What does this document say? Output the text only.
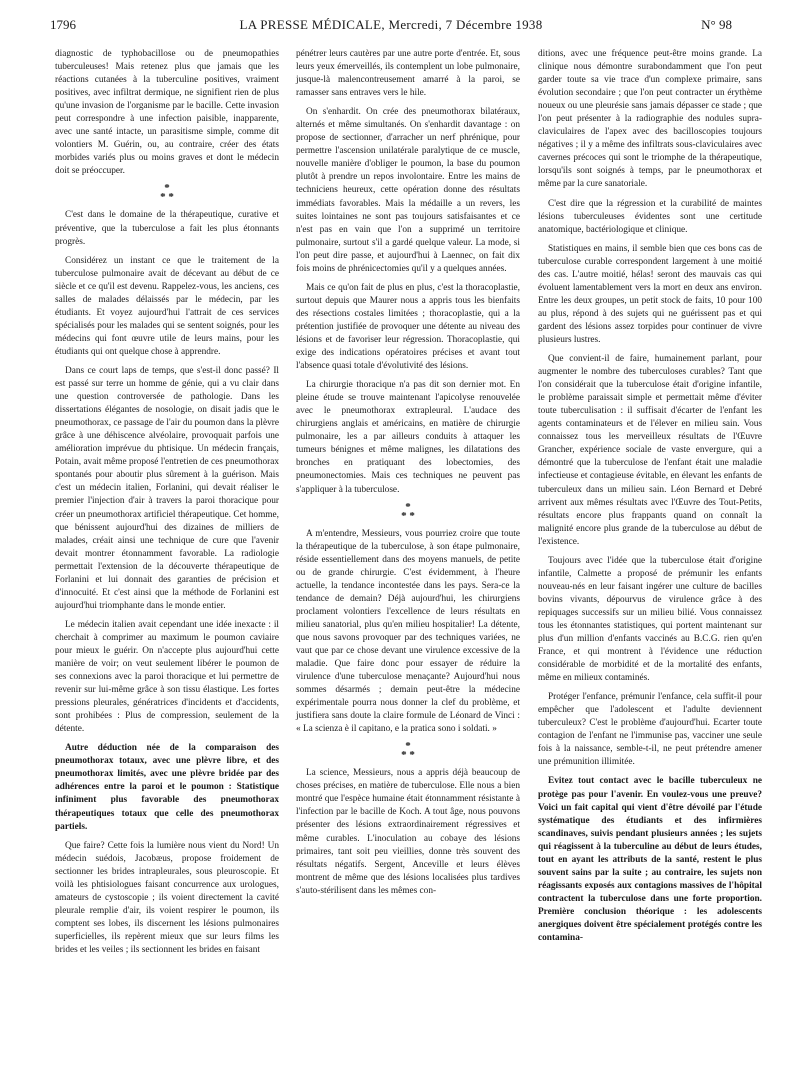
1796	LA PRESSE MÉDICALE, Mercredi, 7 Décembre 1938	N° 98

diagnostic de typhobacillose ou de pneumopathies tuberculeuses! Mais retenez plus que jamais que les réactions cutanées à la tuberculine positives, vraiment positives, avec infiltrat dermique, ne signifient rien de plus qu'une invasion de l'organisme par le bacille. Cette invasion peut correspondre à une infection paisible, inapparente, avec une santé intacte, un parasitisme simple, comme dit volontiers M. Guérin, ou, au contraire, créer des états morbides variés plus ou moins graves et dont le médecin doit se préoccuper.

*
* *

C'est dans le domaine de la thérapeutique, curative et préventive, que la tuberculose a fait les plus étonnants progrès.

Considérez un instant ce que le traitement de la tuberculose pulmonaire avait de décevant au début de ce siècle et ce qu'il est devenu. Rappelez-vous, les anciens, ces salles de malades délaissés par le médecin, par les étudiants. Et voyez aujourd'hui l'attrait de ces services spécialisés pour les malades qui se sentent soignés, pour les médecins qui font œuvre utile de leurs mains, pour les étudiants qui ont quelque chose à apprendre.

Dans ce court laps de temps, que s'est-il donc passé? Il est passé sur terre un homme de génie, qui a vu clair dans une question controversée de pathologie. Dans les dissertations élégantes de nosologie, on disait jadis que le pneumothorax, ce passage de l'air du poumon dans la plèvre grâce à une déhiscence alvéolaire, provoquait parfois une amélioration imprévue du phtisique. Un médecin français, Potain, avait même proposé l'entretien de ces pneumothorax spontanés pour aboutir plus sûrement à la guérison. Mais c'est un médecin italien, Forlanini, qui devait réaliser le premier l'injection d'air à travers la paroi thoracique pour créer un pneumothorax artificiel thérapeutique. Cet homme, que bénissent aujourd'hui des dizaines de milliers de malades, créait ainsi une technique de cure que l'avenir devait montrer étonnamment favorable. La radiologie permettait l'extension de la découverte thérapeutique de Forlanini et lui donnait des garanties de précision et d'innocuité. Et c'est ainsi que la méthode de Forlanini est aujourd'hui triomphante dans le monde entier.

Le médecin italien avait cependant une idée inexacte : il cherchait à comprimer au maximum le poumon caviaire pour mieux le guérir. On n'accepte plus aujourd'hui cette manière de voir; on veut seulement libérer le poumon de ses connexions avec la paroi thoracique et lui permettre de revenir sur lui-même grâce à son tissu élastique. Les fortes pressions pleurales, génératrices d'incidents et d'accidents, sont prohibées : Plus de compression, seulement de la détente.

Autre déduction née de la comparaison des pneumothorax totaux, avec une plèvre libre, et des pneumothorax limités, avec une plèvre bridée par des adhérences entre la paroi et le poumon : Statistique infiniment plus favorable des pneumothorax thérapeutiques totaux que celle des pneumothorax partiels.

Que faire? Cette fois la lumière nous vient du Nord! Un médecin suédois, Jacobæus, propose froidement de sectionner les brides intrapleurales, sous pleuroscopie. Et voilà les phtisiologues faisant concurrence aux urologues, amateurs de cystoscopie ; ils voient directement la cavité pleurale remplie d'air, ils voient respirer le poumon, ils comptent ses lobes, ils discernent les lésions pulmonaires superficielles, ils repèrent mieux que sur leurs films les brides et les veiles ; ils sectionnent les brides en faisant

pénétrer leurs cautères par une autre porte d'entrée. Et, sous leurs yeux émerveillés, ils contemplent un lobe pulmonaire, jusque-là malencontreusement amarré à la paroi, se ramasser sans entraves vers le hile.

On s'enhardit. On crée des pneumothorax bilatéraux, alternés et même simultanés. On s'enhardit davantage : on propose de sectionner, d'arracher un nerf phrénique, pour permettre l'ascension unilatérale paralytique de ce muscle, nouvelle manière d'obliger le poumon, la base du poumon plutôt à prendre un repos involontaire. Entre les mains de techniciens heureux, cette opération donne des résultats immédiats favorables. Mais la médaille a un revers, les suites lointaines ne sont pas toujours satisfaisantes et ce n'est pas en vain que l'on a supprimé un territoire pulmonaire, surtout s'il a gardé quelque valeur. La mode, si l'on peut dire passe, et aujourd'hui à Laennec, on fait dix fois moins de phrénicectomies qu'il y a quelques années.

Mais ce qu'on fait de plus en plus, c'est la thoracoplastie, surtout depuis que Maurer nous a appris tous les bienfaits des résections costales limitées ; thoracoplastie, qui a la prétention justifiée de provoquer une détente au niveau des lésions et de favoriser leur régression. Thoracoplastie, qui exige des indications opératoires précises et avant tout l'absence quasi totale d'évolutivité des lésions.

La chirurgie thoracique n'a pas dit son dernier mot. En pleine étude se trouve maintenant l'apicolyse renouvelée avec le pneumothorax extrapleural. L'audace des chirurgiens anglais et américains, en matière de chirurgie pulmonaire, les a par ailleurs conduits à attaquer les tumeurs bénignes et même malignes, les dilatations des bronches en pratiquant des lobectomies, des pneumonectomies. Mais ces techniques ne peuvent pas s'appliquer à la tuberculose.

*
* *

A m'entendre, Messieurs, vous pourriez croire que toute la thérapeutique de la tuberculose, à son étape pulmonaire, réside essentiellement dans des moyens manuels, de petite ou de grande chirurgie. C'est évidemment, à l'heure actuelle, la tendance incontestée dans les pays. Sera-ce la tendance de demain? Déjà aujourd'hui, les chirurgiens proclament volontiers l'excellence de leurs résultats en milieu sanatorial, plus qu'en milieu hospitalier! La détente, que nous savons provoquer par des techniques variées, ne vaut que par ce chose devant une virulence excessive de la maladie. Que faire donc pour essayer de réduire la virulence d'une tuberculose menaçante? Aujourd'hui nous sommes désarmés ; demain peut-être la médecine expérimentale pourra nous donner la clef du problème, et justifiera sans doute la claire formule de Léonard de Vinci : « La scienza è il capitano, e la pratica sono i soldati. »

*
* *

La science, Messieurs, nous a appris déjà beaucoup de choses précises, en matière de tuberculose. Elle nous a bien montré que l'espèce humaine était étonnamment résistante à l'infection par le bacille de Koch. A tout âge, nous pouvons présenter des lésions extraordinairement régressives et même curables. L'inoculation au cobaye des lésions primaires, tant soit peu vieillies, donne très souvent des résultats négatifs. Sergent, Anceville et leurs élèves montrent de même que des lésions localisées plus tardives s'auto-stérilisent dans les mêmes con-

ditions, avec une fréquence peut-être moins grande. La clinique nous démontre surabondamment que l'on peut garder toute sa vie trace d'un complexe primaire, sans évolution secondaire ; que l'on peut contracter un érythème noueux ou une pleurésie sans jamais dépasser ce stade ; que l'on peut présenter à la radiographie des nodules supra-claviculaires de l'apex avec des bacilloscopies toujours négatives ; il y a même des infiltrats sous-claviculaires avec cavernes précoces qui sont le triomphe de la thérapeutique, lorsqu'ils sont soignés à temps, par le pneumothorax et même par la cure sanatoriale.

C'est dire que la régression et la curabilité de maintes lésions tuberculeuses évidentes sont une certitude anatomique, bactériologique et clinique.

Statistiques en mains, il semble bien que ces bons cas de tuberculose curable correspondent largement à une moitié des cas. L'autre moitié, hélas! seront des mauvais cas qui évoluent lamentablement vers la mort en deux ans environ. Entre les deux groupes, un petit stock de faits, 10 pour 100 au plus, répond à des sujets qui ne guérissent pas et qui gardent des lésions assez torpides pour continuer de vivre plusieurs lustres.

Que convient-il de faire, humainement parlant, pour augmenter le nombre des tuberculoses curables? Tant que l'on considérait que la tuberculose était d'origine infantile, le problème paraissait simple et permettait même d'éviter toute tuberculisation : il suffisait d'écarter de l'enfant les agents contaminateurs et de l'élever en milieu sain. Vous connaissez tous les merveilleux résultats de l'Œuvre Grancher, expérience sociale de vaste envergure, qui a démontré que la tuberculose de l'enfant était une maladie infectieuse et contagieuse évitable, en élevant les enfants de tuberculeux dans un milieu sain. Léon Bernard et Debré arrivent aux mêmes résultats avec l'Œuvre des Tout-Petits, résultats encore plus frappants quand on connaît la malignité encore plus grande de la tuberculose au début de l'existence.

Toujours avec l'idée que la tuberculose était d'origine infantile, Calmette a proposé de prémunir les enfants nouveau-nés en leur faisant ingérer une culture de bacilles bovins vivants, dépourvus de virulence grâce à des repiquages successifs sur un milieu bilié. Vous connaissez tous les étonnantes statistiques, qui portent maintenant sur plus d'un million d'enfants vaccinés au B.C.G. rien qu'en France, et qui montrent à l'évidence une réduction considérable de morbidité et de la mortalité des enfants, même en milieux contaminés.

Protéger l'enfance, prémunir l'enfance, cela suffit-il pour empêcher que l'adolescent et l'adulte deviennent tuberculeux? C'est le problème d'aujourd'hui. Ecarter toute contagion de l'enfant ne l'immunise pas, vacciner une seule fois à la naissance, semble-t-il, ne peut prétendre amener une prémunition illimitée.

Evitez tout contact avec le bacille tuberculeux ne protège pas pour l'avenir. En voulez-vous une preuve? Voici un fait capital qui vient d'être dévoilé par l'étude systématique des étudiants et des infirmières scandinaves, suivis pendant plusieurs années ; les sujets qui réagissent à la tuberculine au début de leurs études, tout en ayant les attributs de la santé, restent le plus souvent sains par la suite ; au contraire, les sujets non réagissants exposés aux contagions massives de l'hôpital contractent la tuberculose dans une forte proportion. Première conclusion théorique : les adolescents anergiques doivent être spécialement protégés contre les contamina-
